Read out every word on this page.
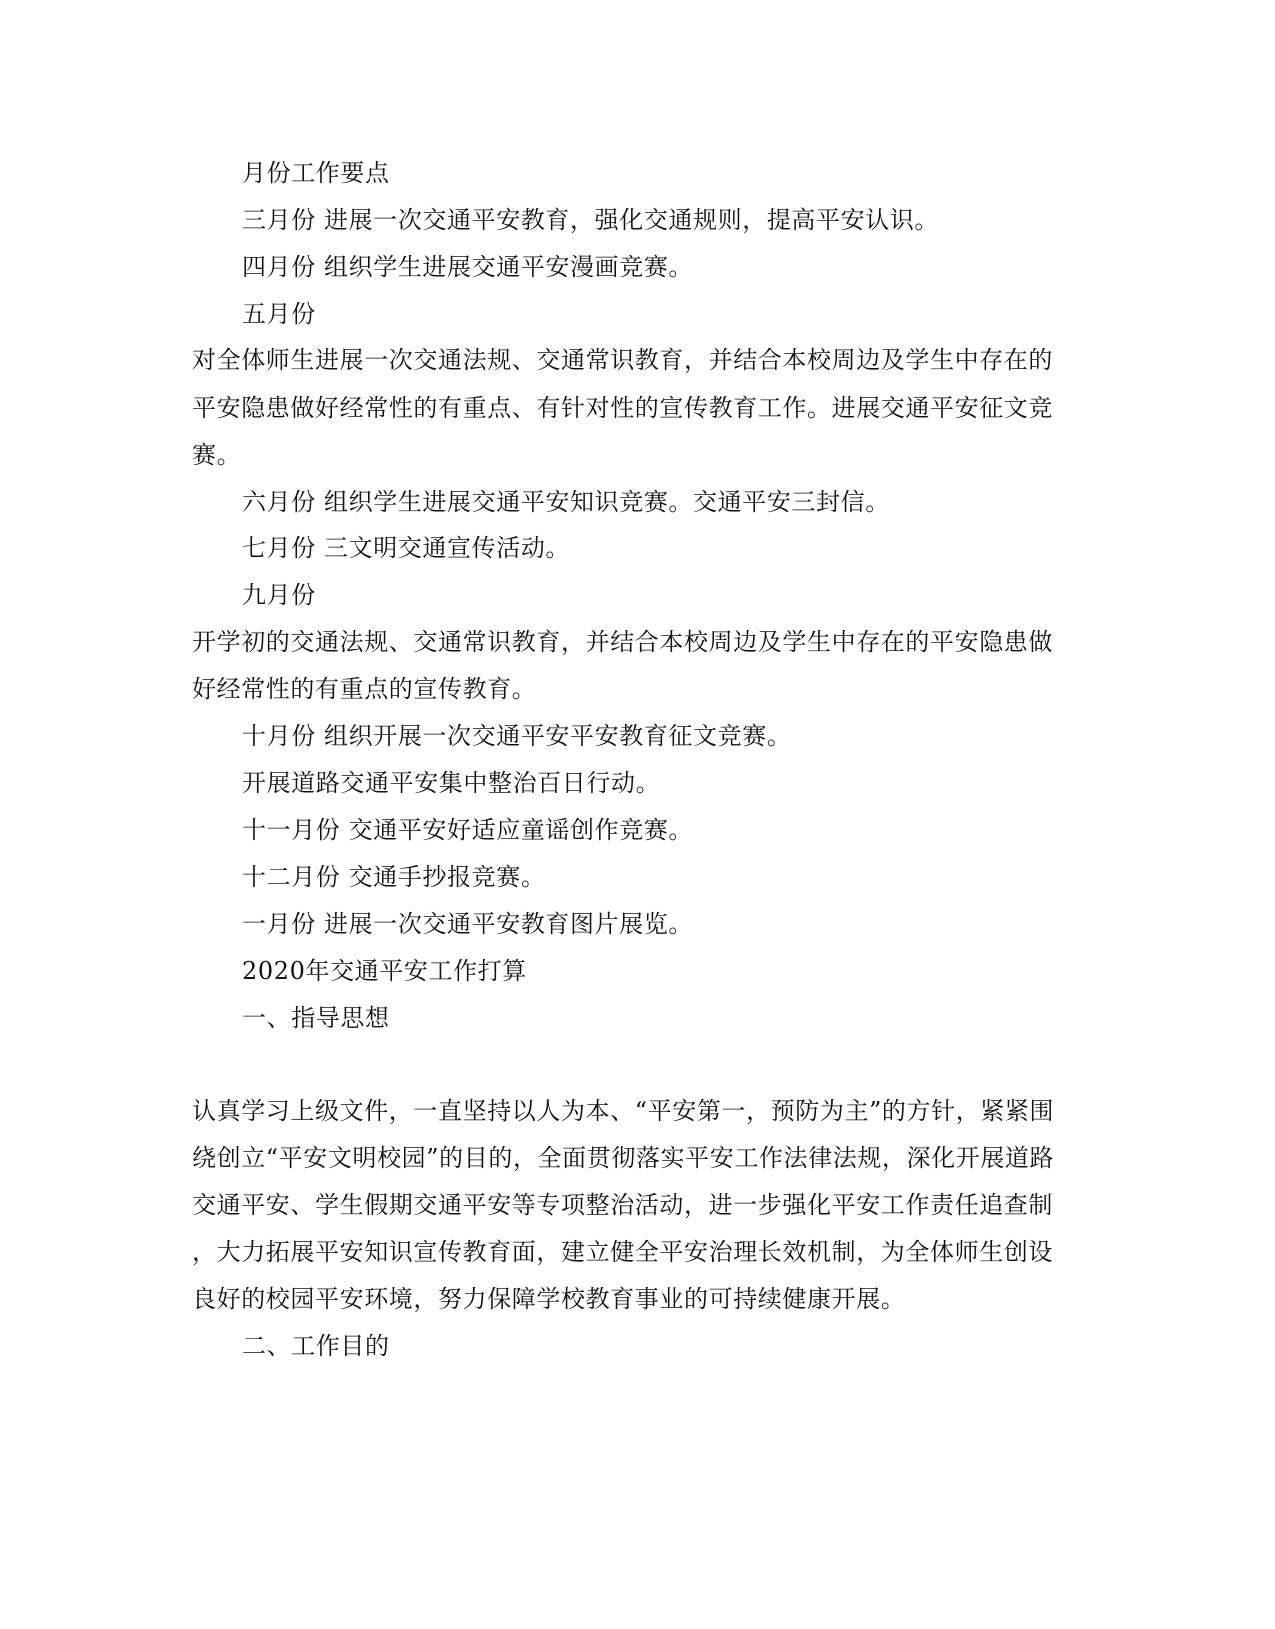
月份工作要点
三月份 进展一次交通平安教育，强化交通规则，提高平安认识。
四月份 组织学生进展交通平安漫画竞赛。
五月份
对全体师生进展一次交通法规、交通常识教育，并结合本校周边及学生中存在的
平安隐患做好经常性的有重点、有针对性的宣传教育工作。进展交通平安征文竞
赛。
六月份 组织学生进展交通平安知识竞赛。交通平安三封信。
七月份 三文明交通宣传活动。
九月份
开学初的交通法规、交通常识教育，并结合本校周边及学生中存在的平安隐患做
好经常性的有重点的宣传教育。
十月份 组织开展一次交通平安平安教育征文竞赛。
开展道路交通平安集中整治百日行动。
十一月份 交通平安好适应童谣创作竞赛。
十二月份 交通手抄报竞赛。
一月份 进展一次交通平安教育图片展览。
2020年交通平安工作打算
一、指导思想
认真学习上级文件，一直坚持以人为本、“平安第一，预防为主”的方针，紧紧围
绕创立“平安文明校园”的目的，全面贯彻落实平安工作法律法规，深化开展道路
交通平安、学生假期交通平安等专项整治活动，进一步强化平安工作责任追查制
，大力拓展平安知识宣传教育面，建立健全平安治理长效机制，为全体师生创设
良好的校园平安环境，努力保障学校教育事业的可持续健康开展。
二、工作目的
